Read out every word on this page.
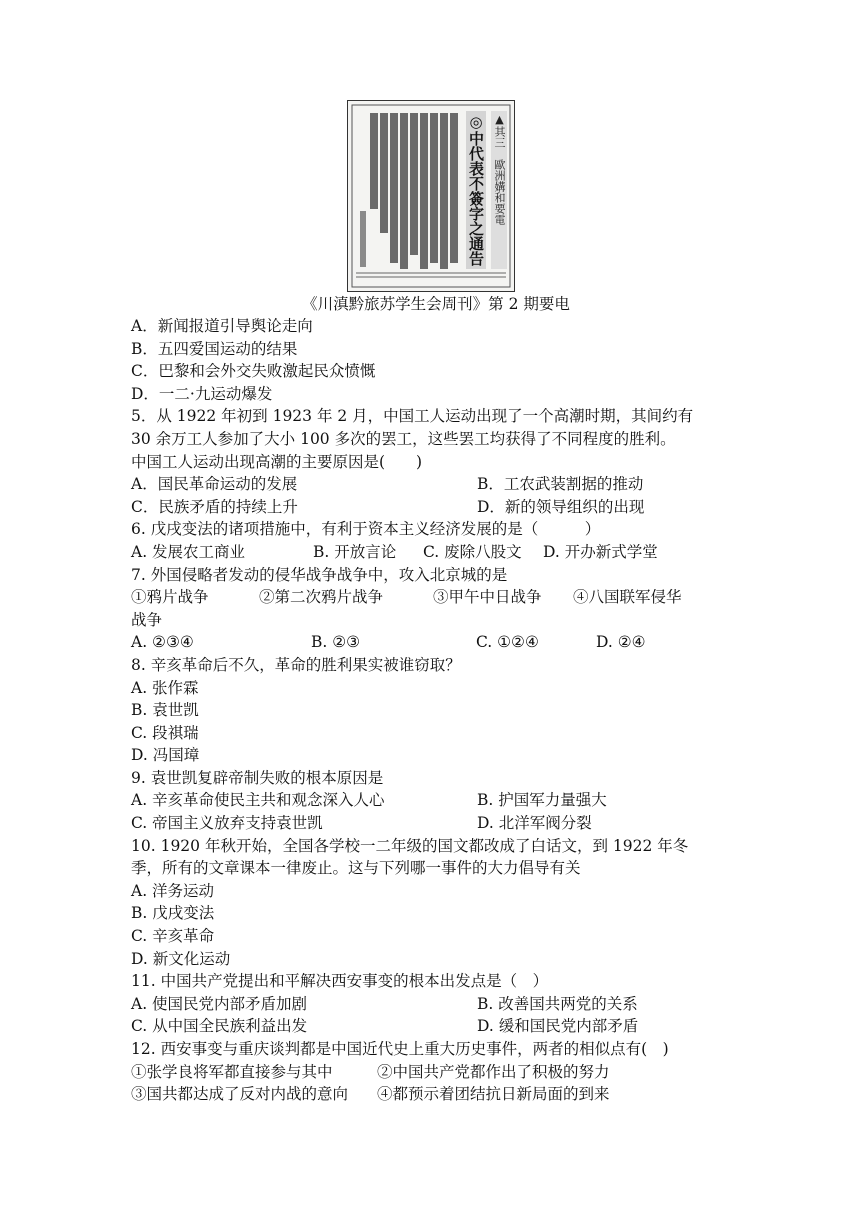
▲其三　歐洲媾和要電
◎中代表不簽字之通告
《川滇黔旅苏学生会周刊》第 2 期要电
A．新闻报道引导舆论走向
B．五四爱国运动的结果
C．巴黎和会外交失败激起民众愤慨
D．一二·九运动爆发
5．从 1922 年初到 1923 年 2 月，中国工人运动出现了一个高潮时期，其间约有
30 余万工人参加了大小 100 多次的罢工，这些罢工均获得了不同程度的胜利。
中国工人运动出现高潮的主要原因是(　　)
A．国民革命运动的发展	B．工农武装割据的推动
C．民族矛盾的持续上升	D．新的领导组织的出现
6. 戊戌变法的诸项措施中，有利于资本主义经济发展的是（　　　）
A. 发展农工商业	B. 开放言论	C. 废除八股文	D. 开办新式学堂
7. 外国侵略者发动的侵华战争战争中，攻入北京城的是
①鸦片战争	②第二次鸦片战争	③甲午中日战争	④八国联军侵华
战争
A. ②③④	B. ②③	C. ①②④	D. ②④
8. 辛亥革命后不久，革命的胜利果实被谁窃取？
A. 张作霖
B. 袁世凯
C. 段祺瑞
D. 冯国璋
9. 袁世凯复辟帝制失败的根本原因是
A. 辛亥革命使民主共和观念深入人心	B. 护国军力量强大
C. 帝国主义放弃支持袁世凯	D. 北洋军阀分裂
10. 1920 年秋开始，全国各学校一二年级的国文都改成了白话文，到 1922 年冬
季，所有的文章课本一律废止。这与下列哪一事件的大力倡导有关
A. 洋务运动
B. 戊戌变法
C. 辛亥革命
D. 新文化运动
11. 中国共产党提出和平解决西安事变的根本出发点是（　）
A. 使国民党内部矛盾加剧	B. 改善国共两党的关系
C. 从中国全民族利益出发	D. 缓和国民党内部矛盾
12. 西安事变与重庆谈判都是中国近代史上重大历史事件，两者的相似点有(　)
①张学良将军都直接参与其中	②中国共产党都作出了积极的努力
③国共都达成了反对内战的意向	④都预示着团结抗日新局面的到来
